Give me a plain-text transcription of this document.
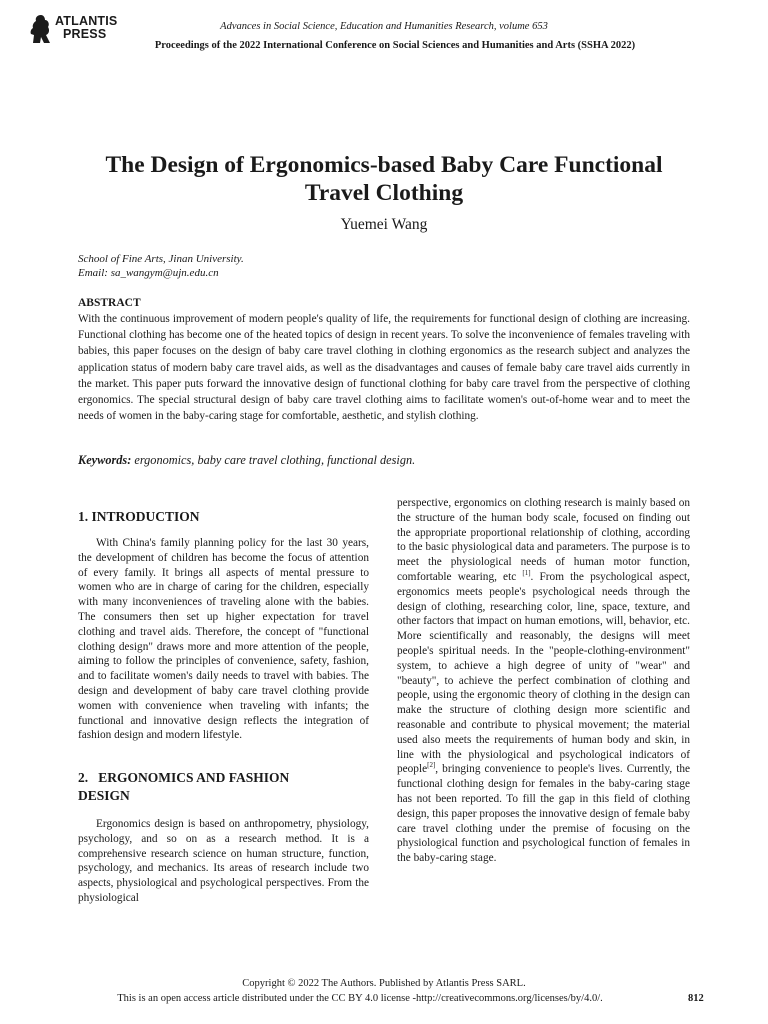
ATLANTIS
PRESS
Advances in Social Science, Education and Humanities Research, volume 653
Proceedings of the 2022 International Conference on Social Sciences and Humanities and Arts (SSHA 2022)
The Design of Ergonomics-based Baby Care Functional
Travel Clothing
Yuemei Wang
School of Fine Arts, Jinan University.
Email: sa_wangym@ujn.edu.cn
ABSTRACT
With the continuous improvement of modern people's quality of life, the requirements for functional design of clothing are increasing. Functional clothing has become one of the heated topics of design in recent years. To solve the inconvenience of females traveling with babies, this paper focuses on the design of baby care travel clothing in clothing ergonomics as the research subject and analyzes the application status of modern baby care travel aids, as well as the disadvantages and causes of female baby care travel aids currently in the market. This paper puts forward the innovative design of functional clothing for baby care travel from the perspective of clothing ergonomics. The special structural design of baby care travel clothing aims to facilitate women's out-of-home wear and to meet the needs of women in the baby-caring stage for comfortable, aesthetic, and stylish clothing.
Keywords: ergonomics, baby care travel clothing, functional design.
1. INTRODUCTION
With China's family planning policy for the last 30 years, the development of children has become the focus of attention of every family. It brings all aspects of mental pressure to women who are in charge of caring for the children, especially with many inconveniences of traveling alone with the babies. The consumers then set up higher expectation for travel clothing and travel aids. Therefore, the concept of "functional clothing design" draws more and more attention of the people, aiming to follow the principles of convenience, safety, fashion, and to facilitate women's daily needs to travel with babies. The design and development of baby care travel clothing provide women with convenience when traveling with infants; the functional and innovative design reflects the integration of fashion design and modern lifestyle.
2.   ERGONOMICS AND FASHION
DESIGN
Ergonomics design is based on anthropometry, physiology, psychology, and so on as a research method. It is a comprehensive research science on human structure, function, psychology, and mechanics. Its areas of research include two aspects, physiological and psychological perspectives. From the physiological
perspective, ergonomics on clothing research is mainly based on the structure of the human body scale, focused on finding out the appropriate proportional relationship of clothing, according to the basic physiological data and parameters. The purpose is to meet the physiological needs of human motor function, comfortable wearing, etc [1]. From the psychological aspect, ergonomics meets people's psychological needs through the design of clothing, researching color, line, space, texture, and other factors that impact on human emotions, will, behavior, etc. More scientifically and reasonably, the designs will meet people's spiritual needs. In the "people-clothing-environment" system, to achieve a high degree of unity of "wear" and "beauty", to achieve the perfect combination of clothing and people, using the ergonomic theory of clothing in the design can make the structure of clothing design more scientific and reasonable and contribute to physical movement; the material used also meets the requirements of human body and skin, in line with the physiological and psychological indicators of people[2], bringing convenience to people's lives. Currently, the functional clothing design for females in the baby-caring stage has not been reported. To fill the gap in this field of clothing design, this paper proposes the innovative design of female baby care travel clothing under the premise of focusing on the physiological function and psychological function of females in the baby-caring stage.
Copyright © 2022 The Authors. Published by Atlantis Press SARL.
This is an open access article distributed under the CC BY 4.0 license -http://creativecommons.org/licenses/by/4.0/.	812
